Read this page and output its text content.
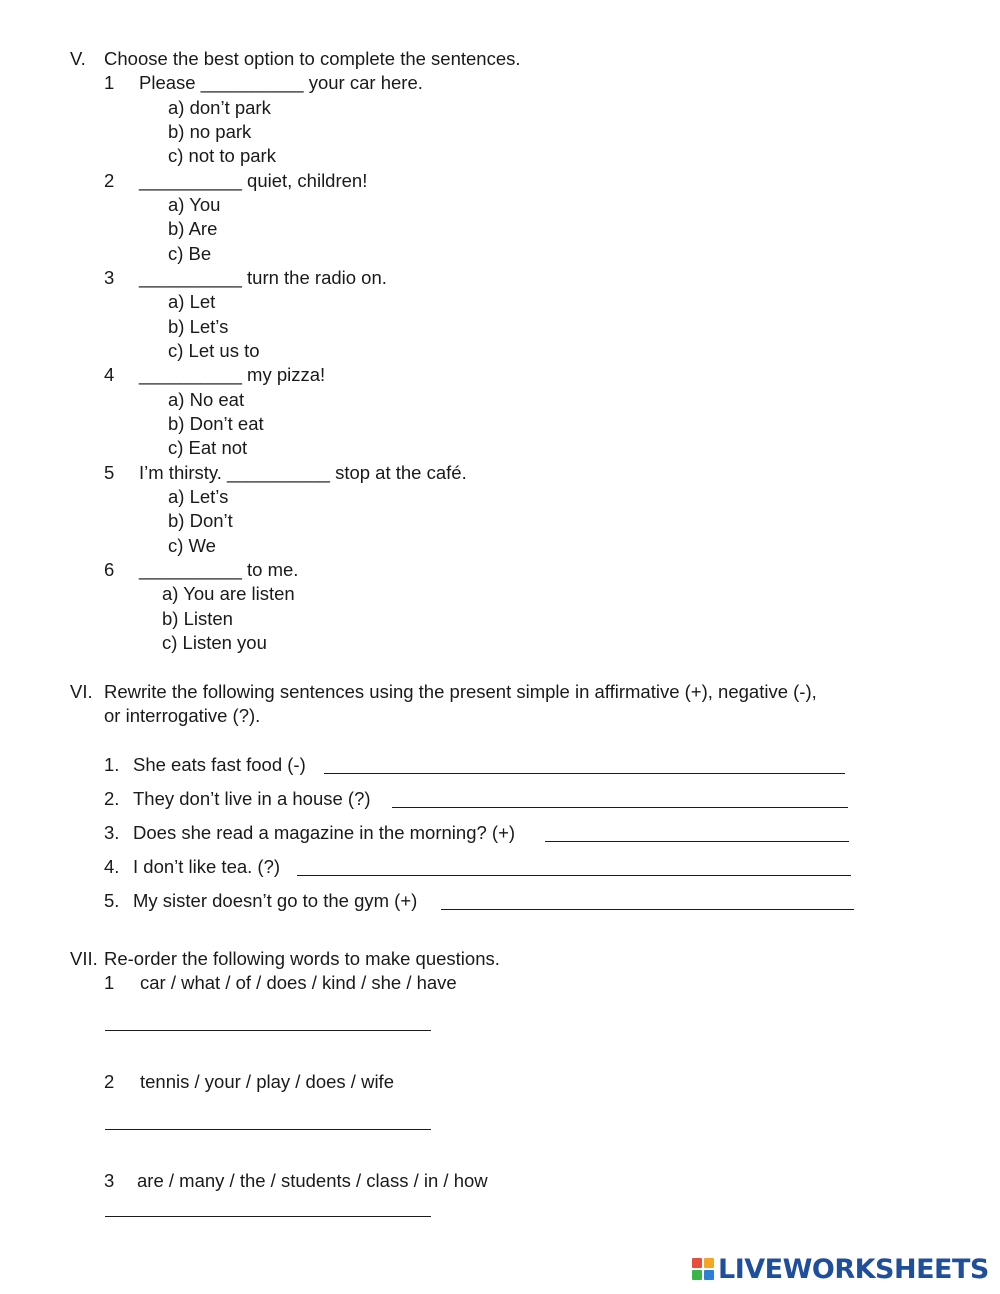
V. Choose the best option to complete the sentences.
1 Please __________ your car here.
a) don’t park
b) no park
c) not to park
2 __________ quiet, children!
a) You
b) Are
c) Be
3 __________ turn the radio on.
a) Let
b) Let’s
c) Let us to
4 __________ my pizza!
a) No eat
b) Don’t eat
c) Eat not
5 I’m thirsty. __________ stop at the café.
a) Let’s
b) Don’t
c) We
6 __________ to me.
a) You are listen
b) Listen
c) Listen you
VI. Rewrite the following sentences using the present simple in affirmative (+), negative (-),
or interrogative (?).
1. She eats fast food (-)
2. They don’t live in a house (?)
3. Does she read a magazine in the morning? (+)
4. I don’t like tea. (?)
5. My sister doesn’t go to the gym (+)
VII. Re-order the following words to make questions.
1 car / what / of / does / kind / she / have
2 tennis / your / play / does / wife
3 are / many / the / students / class / in / how
LIVEWORKSHEETS
